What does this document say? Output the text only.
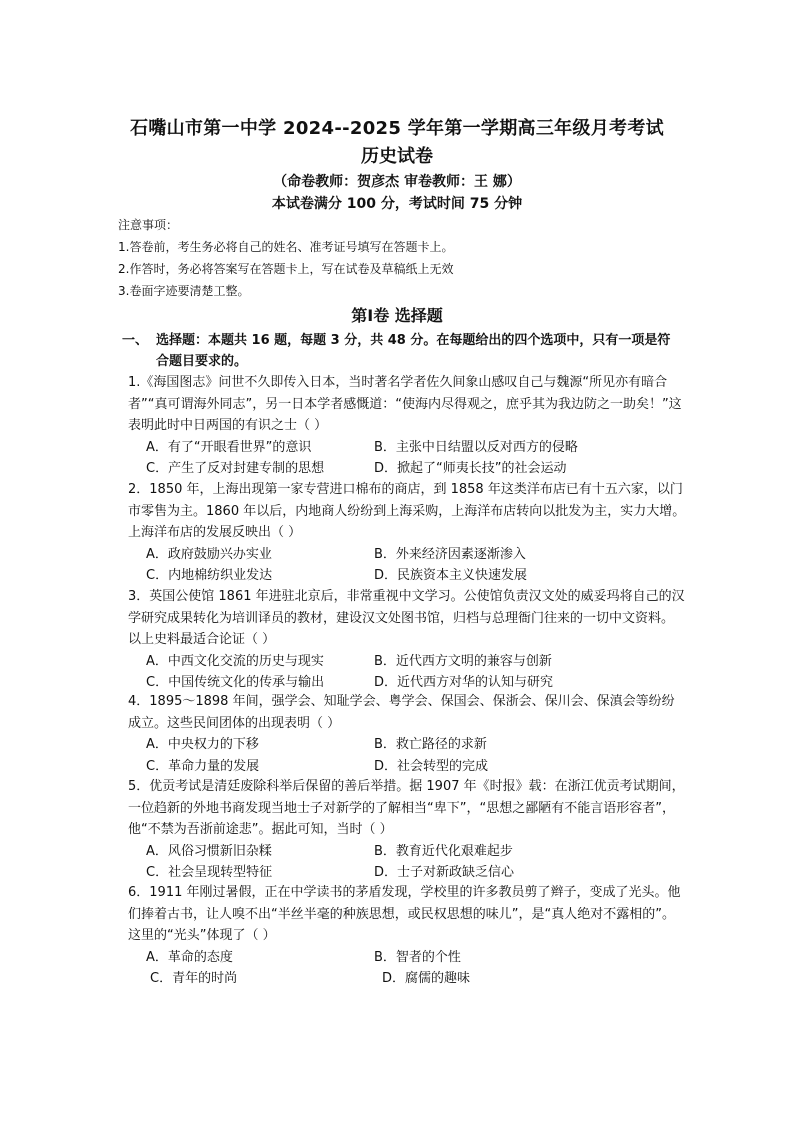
石嘴山市第一中学 2024--2025 学年第一学期高三年级月考考试
历史试卷
（命卷教师：贺彦杰 审卷教师：王 娜）
本试卷满分 100 分，考试时间 75 分钟
注意事项：
1.答卷前，考生务必将自己的姓名、准考证号填写在答题卡上。
2.作答时，务必将答案写在答题卡上，写在试卷及草稿纸上无效
3.卷面字迹要清楚工整。
第Ⅰ卷 选择题
一、 选择题：本题共 16 题，每题 3 分，共 48 分。在每题给出的四个选项中，只有一项是符合题目要求的。
1.《海国图志》问世不久即传入日本，当时著名学者佐久间象山感叹自己与魏源“所见亦有暗合者”“真可谓海外同志”，另一日本学者感慨道：“使海内尽得观之，庶乎其为我边防之一助矣！”这表明此时中日两国的有识之士（ ）
A．有了“开眼看世界”的意识	B．主张中日结盟以反对西方的侵略
C．产生了反对封建专制的思想	D．掀起了“师夷长技”的社会运动
2．1850 年，上海出现第一家专营进口棉布的商店，到 1858 年这类洋布店已有十五六家，以门市零售为主。1860 年以后，内地商人纷纷到上海采购，上海洋布店转向以批发为主，实力大增。上海洋布店的发展反映出（ ）
A．政府鼓励兴办实业	B．外来经济因素逐渐渗入
C．内地棉纺织业发达	D．民族资本主义快速发展
3．英国公使馆 1861 年进驻北京后，非常重视中文学习。公使馆负责汉文处的威妥玛将自己的汉学研究成果转化为培训译员的教材，建设汉文处图书馆，归档与总理衙门往来的一切中文资料。以上史料最适合论证（ ）
A．中西文化交流的历史与现实	B．近代西方文明的兼容与创新
C．中国传统文化的传承与输出	D．近代西方对华的认知与研究
4．1895～1898 年间，强学会、知耻学会、粤学会、保国会、保浙会、保川会、保滇会等纷纷成立。这些民间团体的出现表明（ ）
A．中央权力的下移	B．救亡路径的求新
C．革命力量的发展	D．社会转型的完成
5．优贡考试是清廷废除科举后保留的善后举措。据 1907 年《时报》载：在浙江优贡考试期间，一位趋新的外地书商发现当地士子对新学的了解相当“卑下”，“思想之鄙陋有不能言语形容者”，他“不禁为吾浙前途悲”。据此可知，当时（ ）
A．风俗习惯新旧杂糅	B．教育近代化艰难起步
C．社会呈现转型特征	D．士子对新政缺乏信心
6．1911 年刚过暑假，正在中学读书的茅盾发现，学校里的许多教员剪了辫子，变成了光头。他们捧着古书，让人嗅不出“半丝半毫的种族思想，或民权思想的味儿”，是“真人绝对不露相的”。这里的“光头”体现了（ ）
A．革命的态度	B．智者的个性
C．青年的时尚	D．腐儒的趣味
